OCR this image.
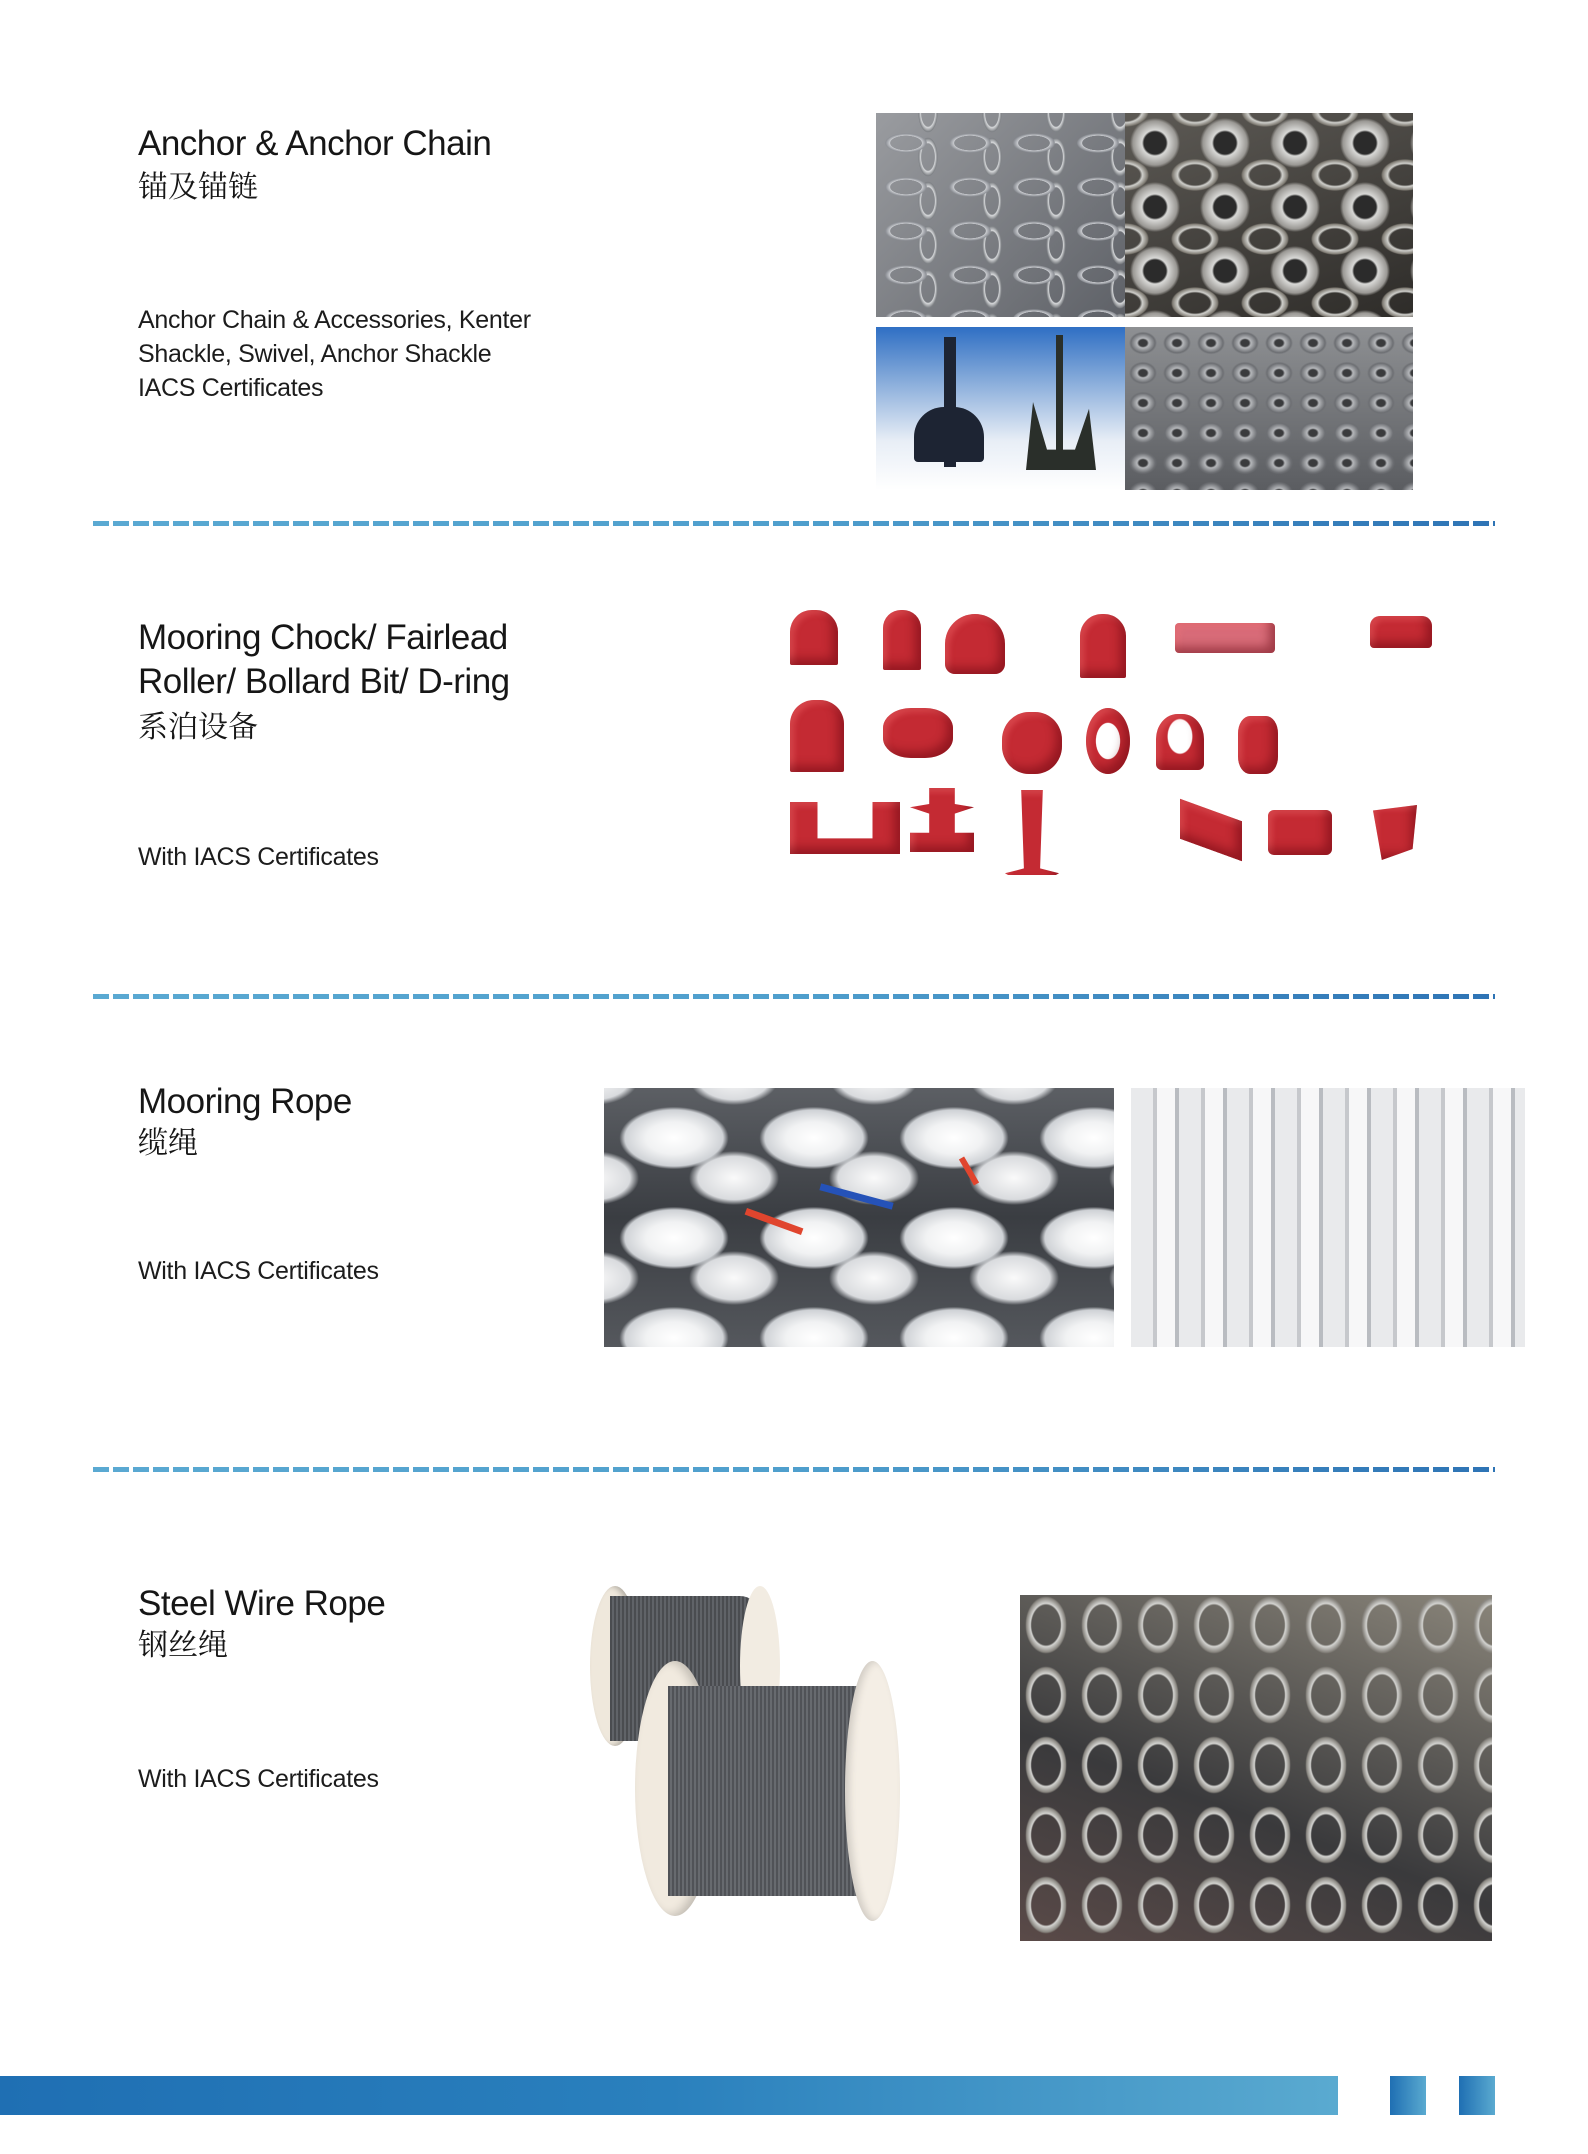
Anchor & Anchor Chain
锚及锚链
Anchor Chain & Accessories, Kenter
Shackle, Swivel, Anchor Shackle
IACS Certificates
Mooring Chock/ Fairlead
Roller/ Bollard Bit/ D-ring
系泊设备
With IACS Certificates
Mooring Rope
缆绳
With IACS Certificates
Steel Wire Rope
钢丝绳
With IACS Certificates
